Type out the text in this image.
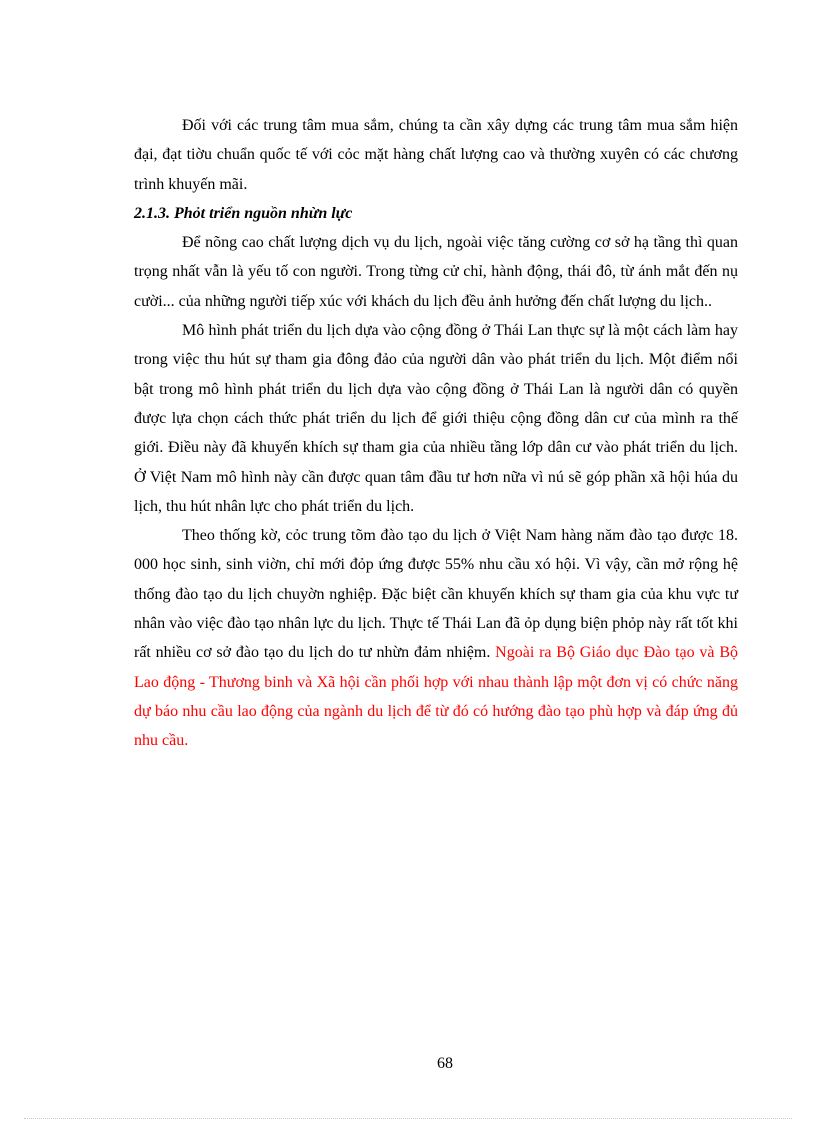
Đối với các trung tâm mua sắm, chúng ta cần xây dựng các trung tâm mua sắm hiện đại, đạt tiờu chuẩn quốc tế với cỏc mặt hàng chất lượng cao và thường xuyên có các chương trình khuyến mãi.

2.1.3. Phỏt triển nguồn nhừn lực

Để nõng cao chất lượng dịch vụ du lịch, ngoài việc tăng cường cơ sở hạ tầng thì quan trọng nhất vẫn là yếu tố con người. Trong từng cử chỉ, hành động, thái đô, từ ánh mắt đến nụ cười... của những người tiếp xúc với khách du lịch đều ảnh hưởng đến chất lượng du lịch..

Mô hình phát triển du lịch dựa vào cộng đồng ở Thái Lan thực sự là một cách làm hay trong việc thu hút sự tham gia đông đảo của người dân vào phát triển du lịch. Một điểm nổi bật trong mô hình phát triển du lịch dựa vào cộng đồng ở Thái Lan là người dân có quyền được lựa chọn cách thức phát triển du lịch để giới thiệu cộng đồng dân cư của mình ra thế giới. Điều này đã khuyến khích sự tham gia của nhiều tầng lớp dân cư vào phát triển du lịch. Ở Việt Nam mô hình này cần được quan tâm đầu tư hơn nữa vì nú sẽ góp phần xã hội húa du lịch, thu hút nhân lực cho phát triển du lịch.

Theo thống kờ, cỏc trung tõm đào tạo du lịch ở Việt Nam hàng năm đào tạo được 18. 000 học sinh, sinh viờn, chỉ mới đỏp ứng được 55% nhu cầu xó hội. Vì vậy, cần mở rộng hệ thống đào tạo du lịch chuyờn nghiệp. Đặc biệt cần khuyến khích sự tham gia của khu vực tư nhân vào việc đào tạo nhân lực du lịch. Thực tế Thái Lan đã ỏp dụng biện phỏp này rất tốt khi rất nhiều cơ sở đào tạo du lịch do tư nhừn đảm nhiệm. Ngoài ra Bộ Giáo dục Đào tạo và Bộ Lao động - Thương binh và Xã hội cần phối hợp với nhau thành lập một đơn vị có chức năng dự báo nhu cầu lao động của ngành du lịch để từ đó có hướng đào tạo phù hợp và đáp ứng đủ nhu cầu.

68
